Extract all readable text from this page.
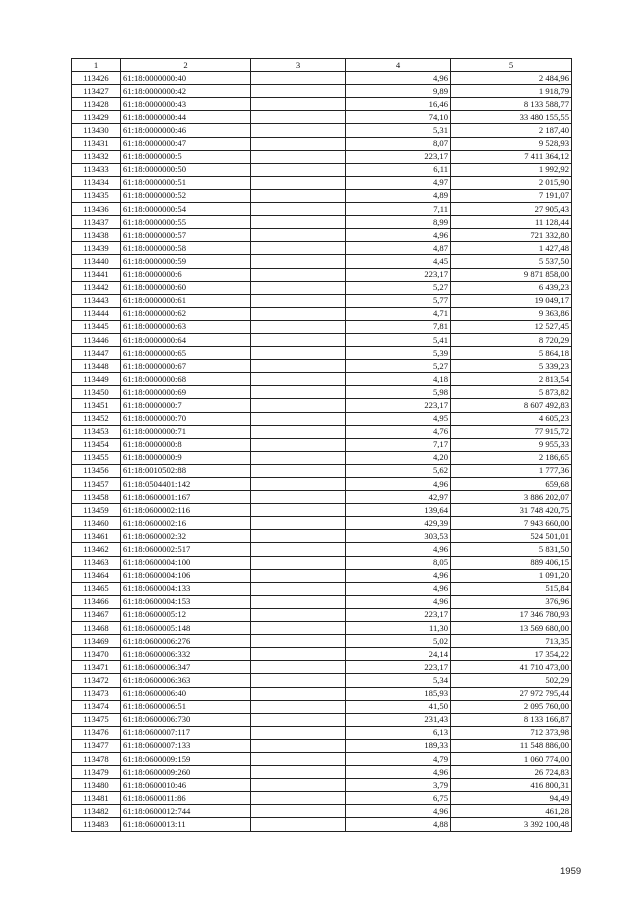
1	2	3	4	5
113426	61:18:0000000:40		4,96	2 484,96
113427	61:18:0000000:42		9,89	1 918,79
113428	61:18:0000000:43		16,46	8 133 588,77
113429	61:18:0000000:44		74,10	33 480 155,55
113430	61:18:0000000:46		5,31	2 187,40
113431	61:18:0000000:47		8,07	9 528,93
113432	61:18:0000000:5		223,17	7 411 364,12
113433	61:18:0000000:50		6,11	1 992,92
113434	61:18:0000000:51		4,97	2 015,90
113435	61:18:0000000:52		4,89	7 191,07
113436	61:18:0000000:54		7,11	27 905,43
113437	61:18:0000000:55		8,99	11 128,44
113438	61:18:0000000:57		4,96	721 332,80
113439	61:18:0000000:58		4,87	1 427,48
113440	61:18:0000000:59		4,45	5 537,50
113441	61:18:0000000:6		223,17	9 871 858,00
113442	61:18:0000000:60		5,27	6 439,23
113443	61:18:0000000:61		5,77	19 049,17
113444	61:18:0000000:62		4,71	9 363,86
113445	61:18:0000000:63		7,81	12 527,45
113446	61:18:0000000:64		5,41	8 720,29
113447	61:18:0000000:65		5,39	5 864,18
113448	61:18:0000000:67		5,27	5 339,23
113449	61:18:0000000:68		4,18	2 813,54
113450	61:18:0000000:69		5,98	5 873,82
113451	61:18:0000000:7		223,17	8 607 492,83
113452	61:18:0000000:70		4,95	4 605,23
113453	61:18:0000000:71		4,76	77 915,72
113454	61:18:0000000:8		7,17	9 955,33
113455	61:18:0000000:9		4,20	2 186,65
113456	61:18:0010502:88		5,62	1 777,36
113457	61:18:0504401:142		4,96	659,68
113458	61:18:0600001:167		42,97	3 886 202,07
113459	61:18:0600002:116		139,64	31 748 420,75
113460	61:18:0600002:16		429,39	7 943 660,00
113461	61:18:0600002:32		303,53	524 501,01
113462	61:18:0600002:517		4,96	5 831,50
113463	61:18:0600004:100		8,05	889 406,15
113464	61:18:0600004:106		4,96	1 091,20
113465	61:18:0600004:133		4,96	515,84
113466	61:18:0600004:153		4,96	376,96
113467	61:18:0600005:12		223,17	17 346 780,93
113468	61:18:0600005:148		11,30	13 569 680,00
113469	61:18:0600006:276		5,02	713,35
113470	61:18:0600006:332		24,14	17 354,22
113471	61:18:0600006:347		223,17	41 710 473,00
113472	61:18:0600006:363		5,34	502,29
113473	61:18:0600006:40		185,93	27 972 795,44
113474	61:18:0600006:51		41,50	2 095 760,00
113475	61:18:0600006:730		231,43	8 133 166,87
113476	61:18:0600007:117		6,13	712 373,98
113477	61:18:0600007:133		189,33	11 548 886,00
113478	61:18:0600009:159		4,79	1 060 774,00
113479	61:18:0600009:260		4,96	26 724,83
113480	61:18:0600010:46		3,79	416 800,31
113481	61:18:0600011:86		6,75	94,49
113482	61:18:0600012:744		4,96	461,28
113483	61:18:0600013:11		4,88	3 392 100,48
1959
